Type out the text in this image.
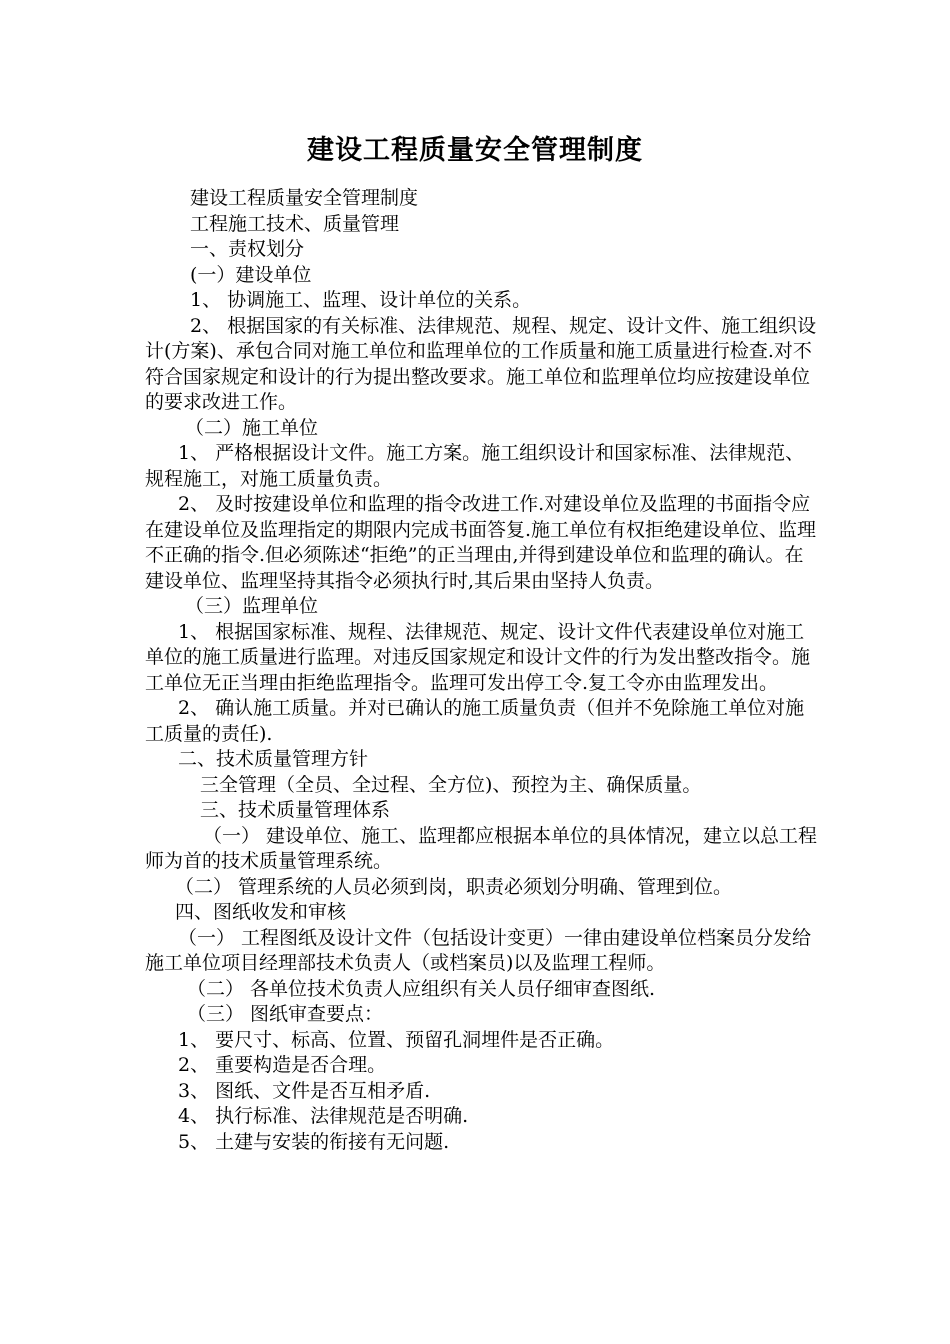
建设工程质量安全管理制度

建设工程质量安全管理制度

工程施工技术、质量管理

一、责权划分

(一）建设单位

1、 协调施工、监理、设计单位的关系。

2、 根据国家的有关标准、法律规范、规程、规定、设计文件、施工组织设计(方案)、承包合同对施工单位和监理单位的工作质量和施工质量进行检查.对不符合国家规定和设计的行为提出整改要求。施工单位和监理单位均应按建设单位的要求改进工作。

（二）施工单位

1、 严格根据设计文件。施工方案。施工组织设计和国家标准、法律规范、规程施工，对施工质量负责。

2、 及时按建设单位和监理的指令改进工作.对建设单位及监理的书面指令应在建设单位及监理指定的期限内完成书面答复.施工单位有权拒绝建设单位、监理不正确的指令.但必须陈述“拒绝”的正当理由,并得到建设单位和监理的确认。在建设单位、监理坚持其指令必须执行时,其后果由坚持人负责。

（三）监理单位

1、 根据国家标准、规程、法律规范、规定、设计文件代表建设单位对施工单位的施工质量进行监理。对违反国家规定和设计文件的行为发出整改指令。施工单位无正当理由拒绝监理指令。监理可发出停工令.复工令亦由监理发出。

2、 确认施工质量。并对已确认的施工质量负责（但并不免除施工单位对施工质量的责任).

二、技术质量管理方针

三全管理（全员、全过程、全方位)、预控为主、确保质量。

三、技术质量管理体系

（一） 建设单位、施工、监理都应根据本单位的具体情况，建立以总工程师为首的技术质量管理系统。

（二） 管理系统的人员必须到岗，职责必须划分明确、管理到位。

四、图纸收发和审核

（一） 工程图纸及设计文件（包括设计变更）一律由建设单位档案员分发给施工单位项目经理部技术负责人（或档案员)以及监理工程师。

（二） 各单位技术负责人应组织有关人员仔细审查图纸.

（三） 图纸审查要点：

1、 要尺寸、标高、位置、预留孔洞埋件是否正确。

2、 重要构造是否合理。

3、 图纸、文件是否互相矛盾.

4、 执行标准、法律规范是否明确.

5、 土建与安装的衔接有无问题.
